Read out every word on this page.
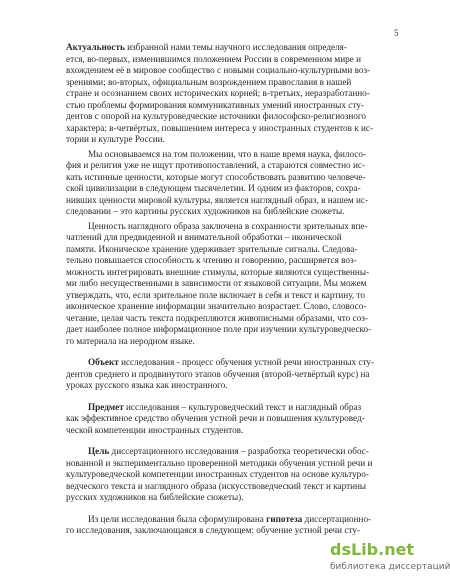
5
Актуальность избранной нами темы научного исследования определя-
ется, во-первых, изменившимся положением России в современном мире и
вхождением её в мировое сообщество с новыми социально-культурными воз-
зрениями; во-вторых, официальным возрождением православия в нашей
стране и осознанием своих исторических корней; в-третьих, неразработанно-
стью проблемы формирования коммуникативных умений иностранных сту-
дентов с опорой на культуроведческие источники философско-религиозного
характера; в-четвёртых, повышением интереса у иностранных студентов к ис-
тории и культуре России.
Мы основываемся на том положении, что в наше время наука, филосо-
фия и религия уже не ищут противопоставлений, а стараются совместно ис-
кать истинные ценности, которые могут способствовать развитию человече-
ской цивилизации в следующем тысячелетии. И одним из факторов, сохра-
нивших ценности мировой культуры, является наглядный образ, в нашем ис-
следовании – это картины русских художников на библейские сюжеты.
Ценность наглядного образа заключена в сохранности зрительных впе-
чатлений для предвиденной и внимательной обработки – иконической
памяти. Иконическое хранение удерживает зрительные сигналы. Следова-
тельно повышается способность к чтению и говорению, расширяется воз-
можность интегрировать внешние стимулы, которые являются существенны-
ми либо несущественными в зависимости от языковой ситуации. Мы можем
утверждать, что, если зрительное поле включает в себя и текст и картину, то
иконическое хранение информации значительно возрастает. Слово, словосо-
четание, целая часть текста подкрепляются живописными образами, что соз-
дает наиболее полное информационное поле при изучении культуроведческо-
го материала на неродном языке.
Объект исследования - процесс обучения устной речи иностранных сту-
дентов среднего и продвинутого этапов обучения (второй-четвёртый курс) на
уроках русского языка как иностранного.
Предмет исследования – культуроведческий текст и наглядный образ
как эффективное средство обучения устной речи и повышения культуровед-
ческой компетенции иностранных студентов.
Цель диссертационного исследования – разработка теоретически обос-
нованной и экспериментально проверенной методики обучения устной речи и
культуроведческой компетенции иностранных студентов на основе культуро-
ведческого текста и наглядного образа (искусствоведческий текст и картины
русских художников на библейские сюжеты).
Из цели исследования была сформулирована гипотеза диссертационно-
го исследования, заключающаяся в следующем: обучение устной речи сту-
dsLib.net
библиотека диссертаций
